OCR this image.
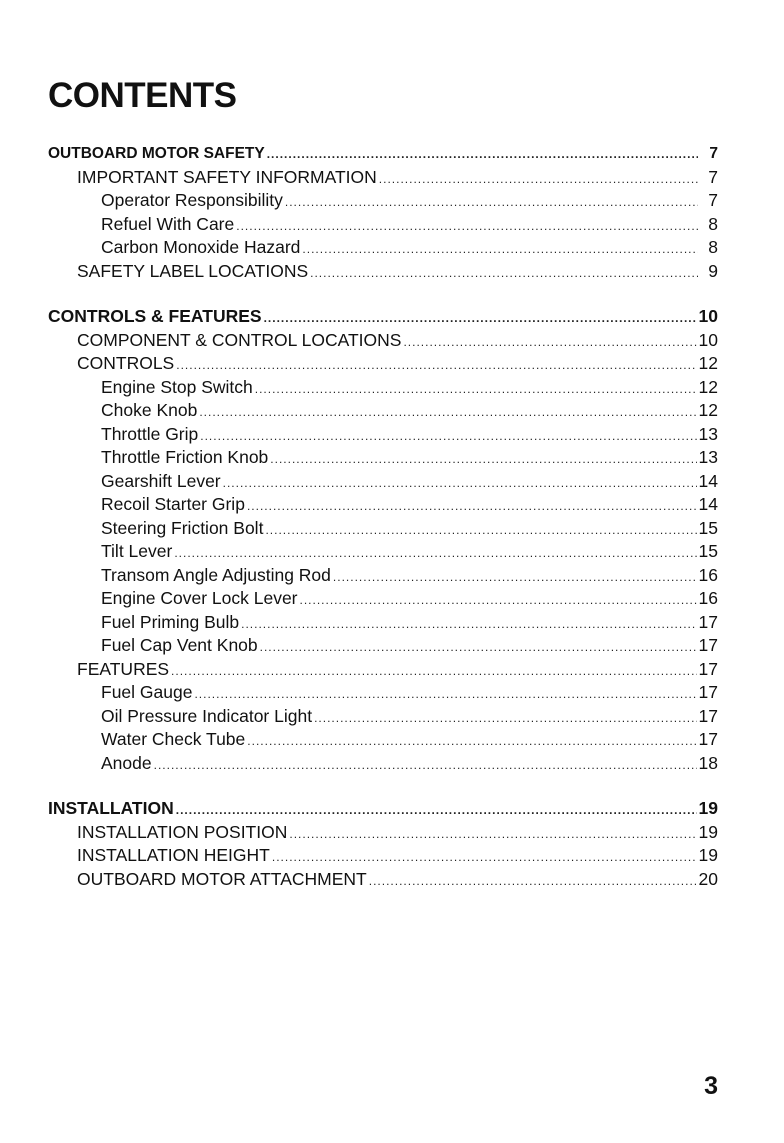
CONTENTS
OUTBOARD MOTOR SAFETY .....	7
IMPORTANT SAFETY INFORMATION .....	7
Operator Responsibility .....	7
Refuel With Care .....	8
Carbon Monoxide Hazard .....	8
SAFETY LABEL LOCATIONS .....	9
CONTROLS & FEATURES .....	10
COMPONENT & CONTROL LOCATIONS .....	10
CONTROLS .....	12
Engine Stop Switch .....	12
Choke Knob .....	12
Throttle Grip .....	13
Throttle Friction Knob .....	13
Gearshift Lever .....	14
Recoil Starter Grip .....	14
Steering Friction Bolt .....	15
Tilt Lever .....	15
Transom Angle Adjusting Rod .....	16
Engine Cover Lock Lever .....	16
Fuel Priming Bulb .....	17
Fuel Cap Vent Knob .....	17
FEATURES .....	17
Fuel Gauge .....	17
Oil Pressure Indicator Light .....	17
Water Check Tube .....	17
Anode .....	18
INSTALLATION .....	19
INSTALLATION POSITION .....	19
INSTALLATION HEIGHT .....	19
OUTBOARD MOTOR ATTACHMENT .....	20
3
